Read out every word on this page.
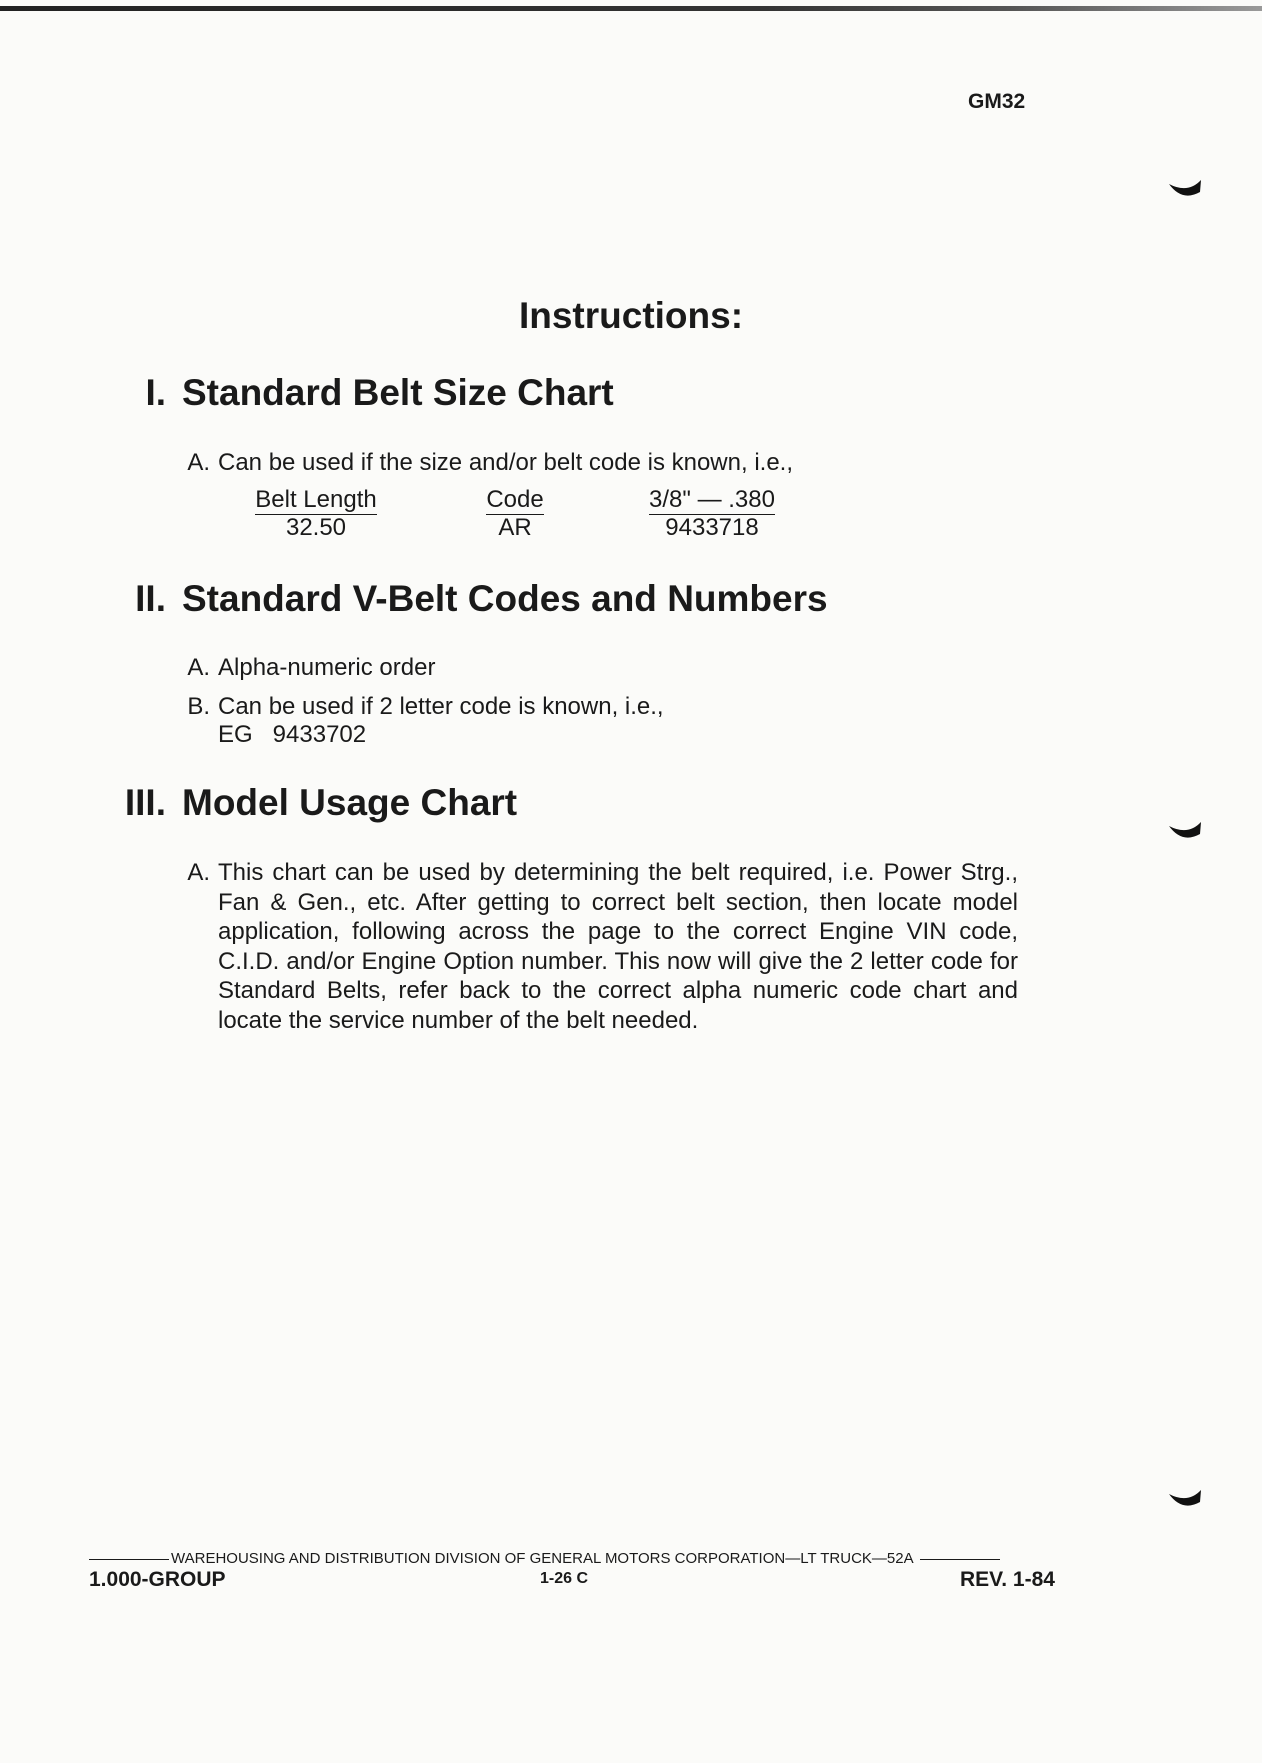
GM32
Instructions:
I. Standard Belt Size Chart
A. Can be used if the size and/or belt code is known, i.e.,
Belt Length
32.50
Code
AR
3/8" — .380
9433718
II. Standard V-Belt Codes and Numbers
A. Alpha-numeric order
B. Can be used if 2 letter code is known, i.e.,
EG   9433702
III. Model Usage Chart
A. This chart can be used by determining the belt required, i.e. Power Strg., Fan & Gen., etc. After getting to correct belt section, then locate model application, following across the page to the correct Engine VIN code, C.I.D. and/or Engine Option number. This now will give the 2 letter code for Standard Belts, refer back to the correct alpha numeric code chart and locate the service number of the belt needed.
WAREHOUSING AND DISTRIBUTION DIVISION OF GENERAL MOTORS CORPORATION—LT TRUCK—52A
1.000-GROUP	1-26 C	REV. 1-84
